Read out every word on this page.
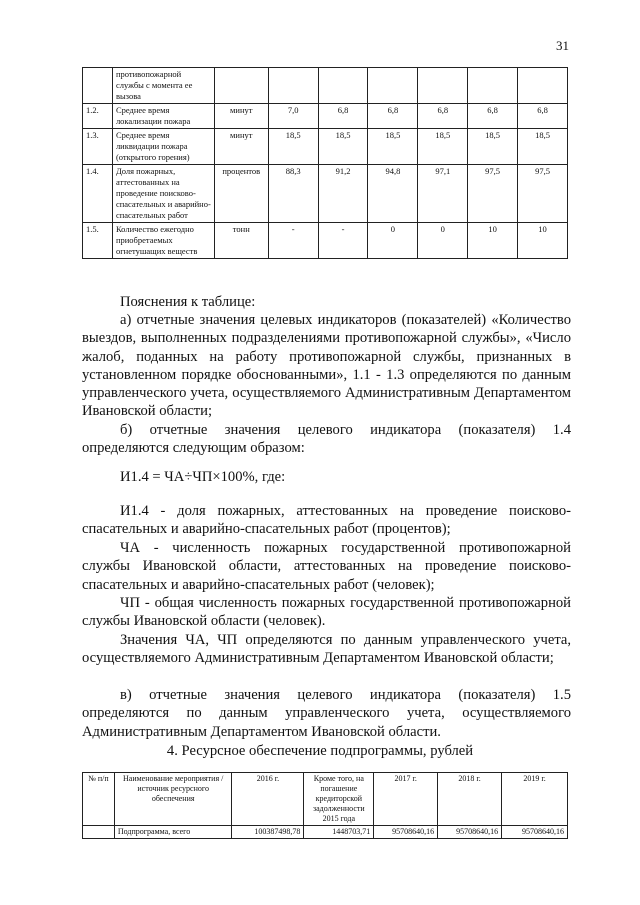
31
	противопожарной службы с момента ее вызова							
1.2.	Среднее время локализации пожара	минут	7,0	6,8	6,8	6,8	6,8	6,8
1.3.	Среднее время ликвидации пожара (открытого горения)	минут	18,5	18,5	18,5	18,5	18,5	18,5
1.4.	Доля пожарных, аттестованных на проведение поисково-спасательных и аварийно-спасательных работ	процентов	88,3	91,2	94,8	97,1	97,5	97,5
1.5.	Количество ежегодно приобретаемых огнетушащих веществ	тонн	-	-	0	0	10	10

Пояснения к таблице:

а) отчетные значения целевых индикаторов (показателей) «Количество выездов, выполненных подразделениями противопожарной службы», «Число жалоб, поданных на работу противопожарной службы, признанных в установленном порядке обоснованными», 1.1 - 1.3 определяются по данным управленческого учета, осуществляемого Административным Департаментом Ивановской области;

б) отчетные значения целевого индикатора (показателя) 1.4 определяются следующим образом:

И1.4 = ЧА÷ЧП×100%, где:

И1.4 - доля пожарных, аттестованных на проведение поисково-спасательных и аварийно-спасательных работ (процентов);

ЧА - численность пожарных государственной противопожарной службы Ивановской области, аттестованных на проведение поисково-спасательных и аварийно-спасательных работ (человек);

ЧП - общая численность пожарных государственной противопожарной службы Ивановской области (человек).

Значения ЧА, ЧП определяются по данным управленческого учета, осуществляемого Административным Департаментом Ивановской области;

в) отчетные значения целевого индикатора (показателя) 1.5 определяются по данным управленческого учета, осуществляемого Административным Департаментом Ивановской области.

4. Ресурсное обеспечение подпрограммы, рублей
№ п/п	Наименование мероприятия / источник ресурсного обеспечения	2016 г.	Кроме того, на погашение кредиторской задолженности 2015 года	2017 г.	2018 г.	2019 г.
	Подпрограмма, всего	100387498,78	1448703,71	95708640,16	95708640,16	95708640,16
